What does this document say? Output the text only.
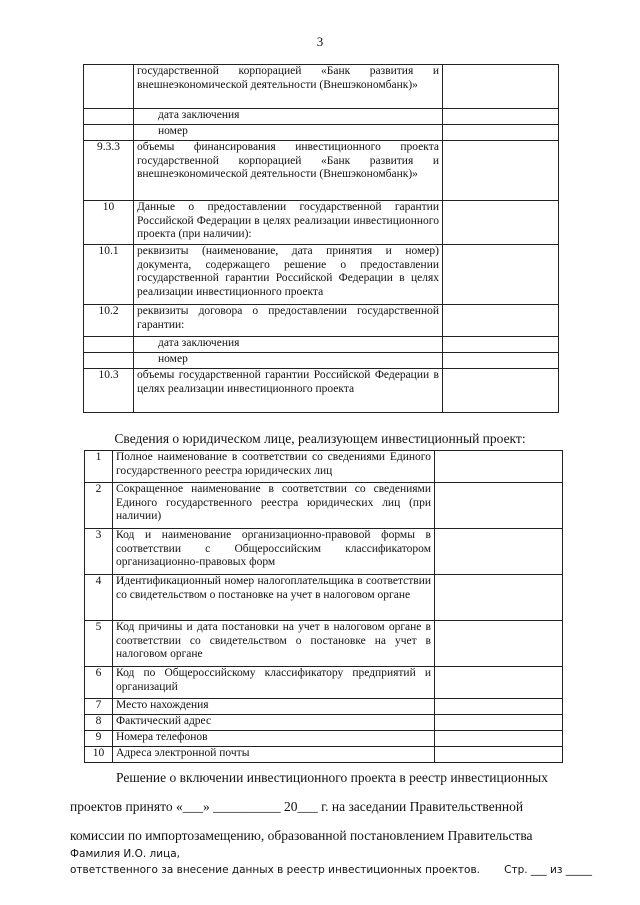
3
	государственной корпорацией «Банк развития и внешнеэкономической деятельности (Внешэкономбанк)»	
	дата заключения	
	номер	
9.3.3	объемы финансирования инвестиционного проекта государственной корпорацией «Банк развития и внешнеэкономической деятельности (Внешэкономбанк)»	
10	Данные о предоставлении государственной гарантии Российской Федерации в целях реализации инвестиционного проекта (при наличии):	
10.1	реквизиты (наименование, дата принятия и номер) документа, содержащего решение о предоставлении государственной гарантии Российской Федерации в целях реализации инвестиционного проекта	
10.2	реквизиты договора о предоставлении государственной гарантии:	
	дата заключения	
	номер	
10.3	объемы государственной гарантии Российской Федерации в целях реализации инвестиционного проекта	
Сведения о юридическом лице, реализующем инвестиционный проект:
1	Полное наименование в соответствии со сведениями Единого государственного реестра юридических лиц	
2	Сокращенное наименование в соответствии со сведениями Единого государственного реестра юридических лиц (при наличии)	
3	Код и наименование организационно-правовой формы в соответствии с Общероссийским классификатором организационно-правовых форм	
4	Идентификационный номер налогоплательщика в соответствии со свидетельством о постановке на учет в налоговом органе	
5	Код причины и дата постановки на учет в налоговом органе в соответствии со свидетельством о постановке на учет в налоговом органе	
6	Код по Общероссийскому классификатору предприятий и организаций	
7	Место нахождения	
8	Фактический адрес	
9	Номера телефонов	
10	Адреса электронной почты	
Решение о включении инвестиционного проекта в реестр инвестиционных
проектов принято «___» __________ 20___ г. на заседании Правительственной
комиссии по импортозамещению, образованной постановлением Правительства
Фамилия И.О. лица,
ответственного за внесение данных в реестр инвестиционных проектов. Стр. ___ из _____
